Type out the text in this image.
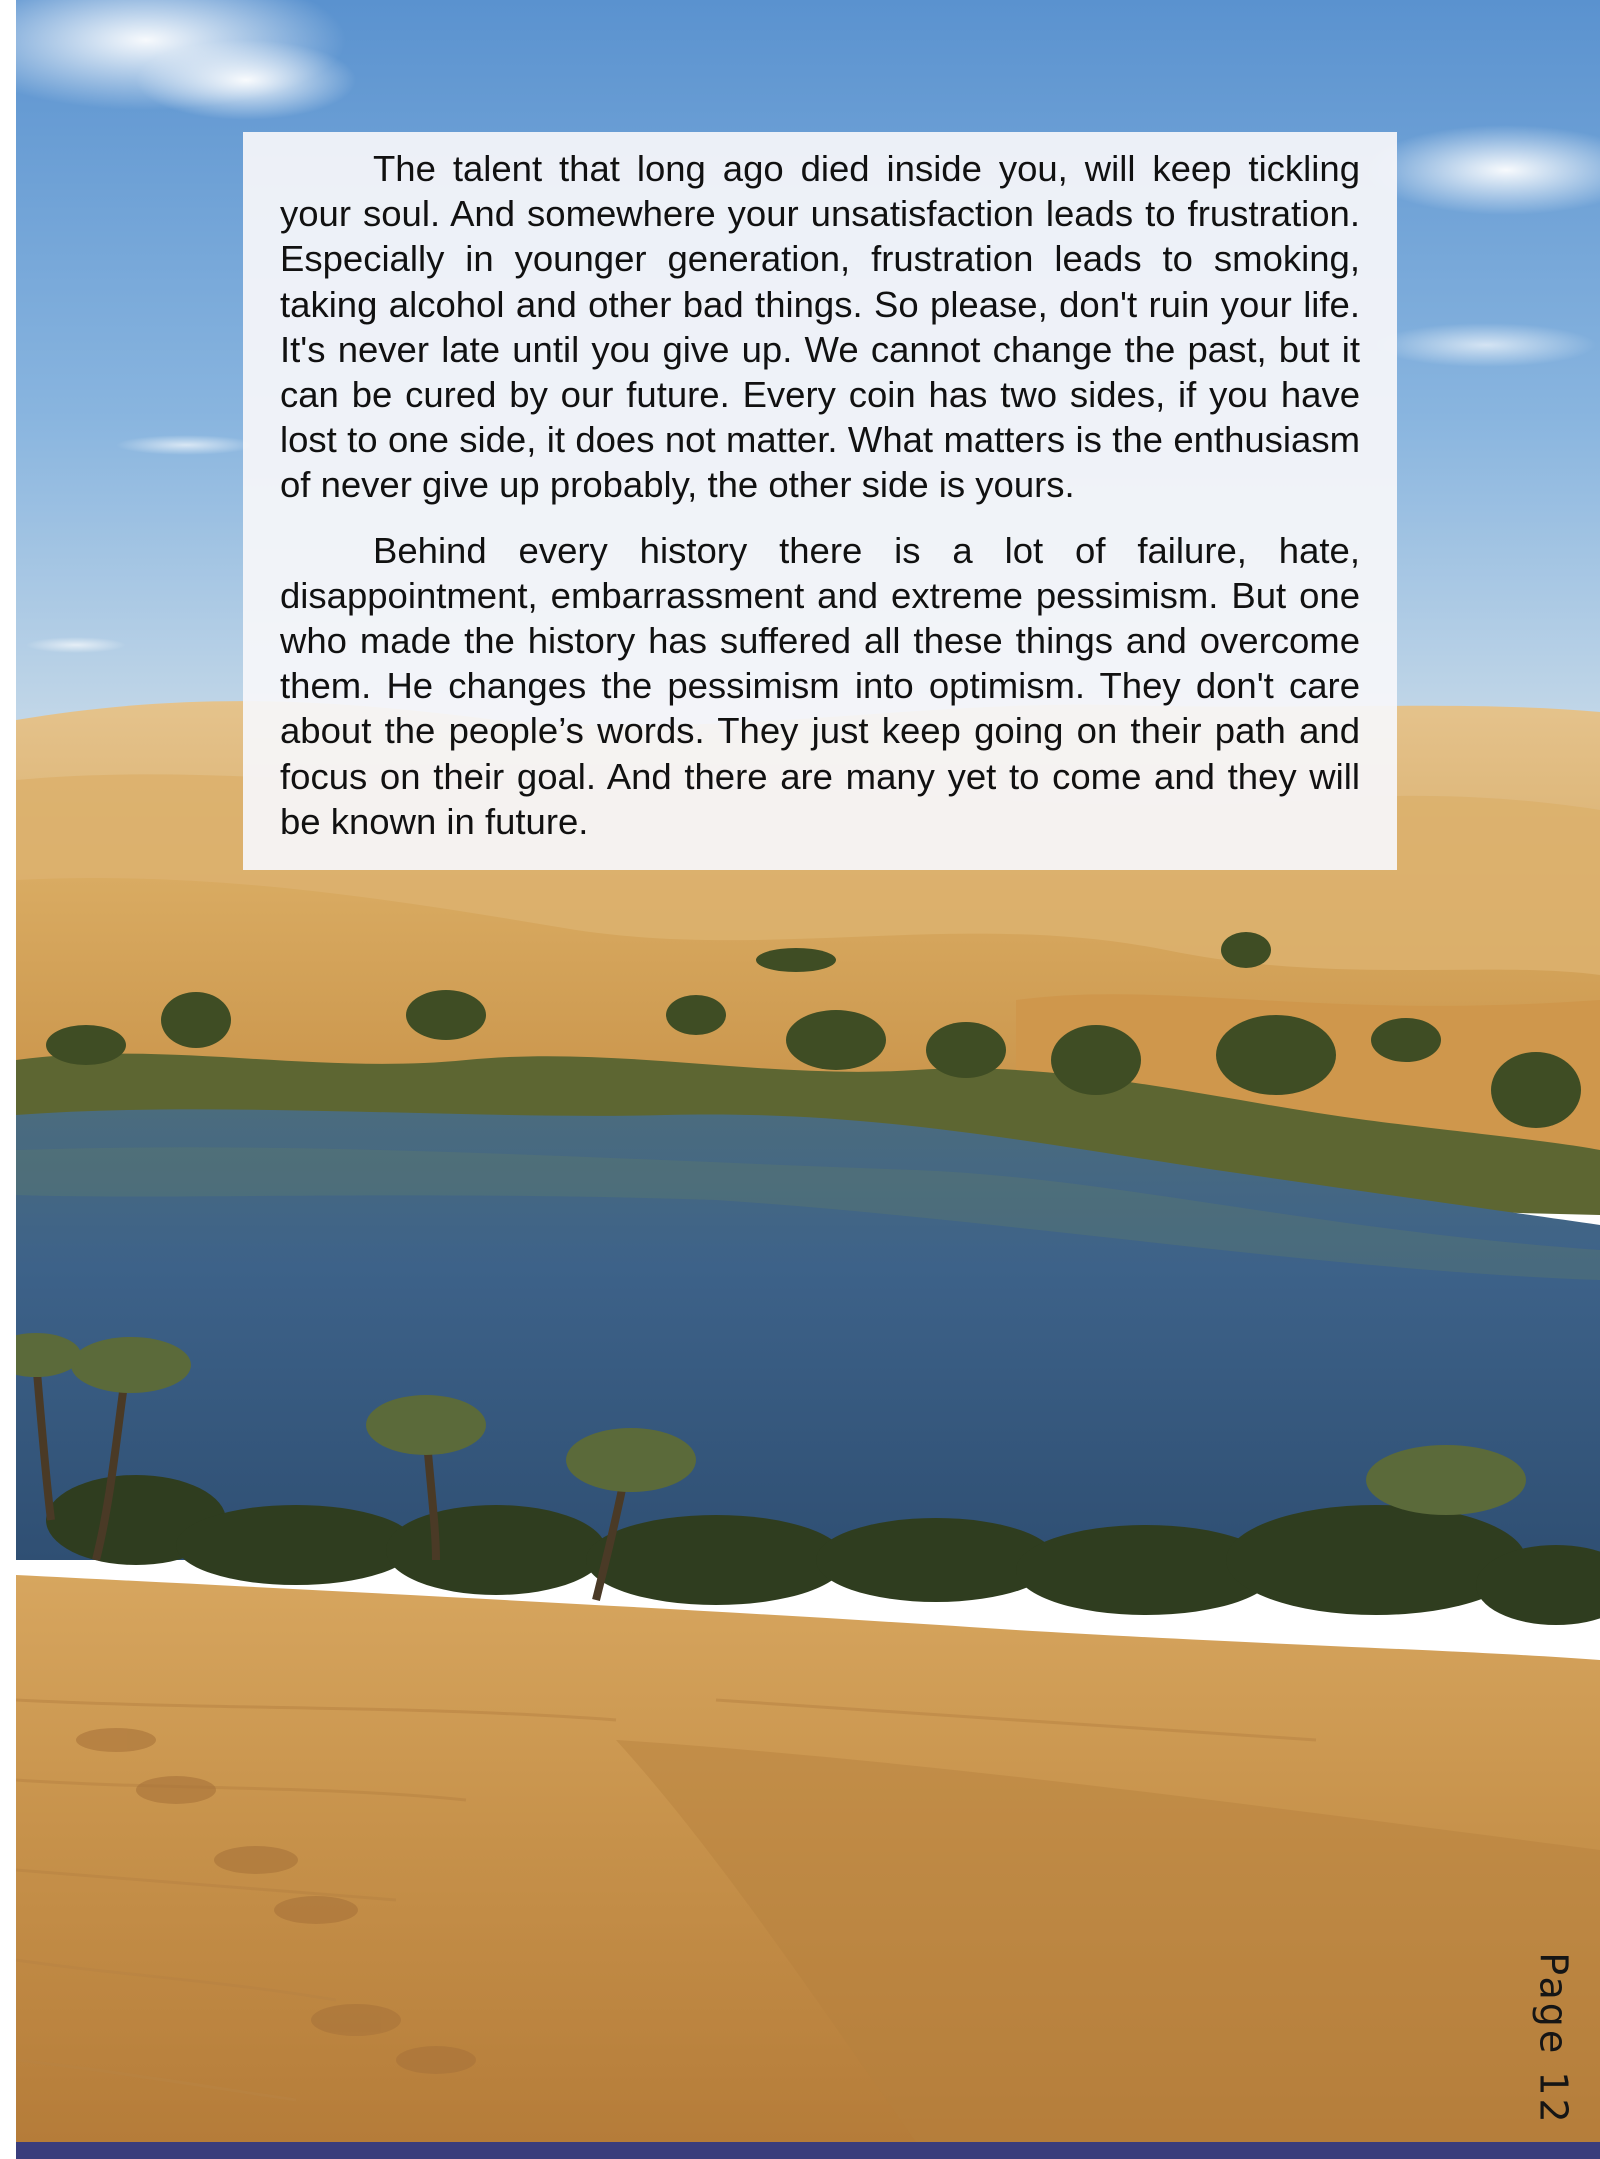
The talent that long ago died inside you, will keep tickling your soul. And somewhere your unsatisfaction leads to frustration. Especially in younger generation, frustration leads to smoking, taking alcohol and other bad things. So please, don't ruin your life. It's never late until you give up. We cannot change the past, but it can be cured by our future. Every coin has two sides, if you have lost to one side, it does not matter. What matters is the enthusiasm of never give up probably, the other side is yours.

Behind every history there is a lot of failure, hate, disappointment, embarrassment and extreme pessimism. But one who made the history has suffered all these things and overcome them. He changes the pessimism into optimism. They don't care about the people’s words. They just keep going on their path and focus on their goal. And there are many yet to come and they will be known in future.

Page 12
